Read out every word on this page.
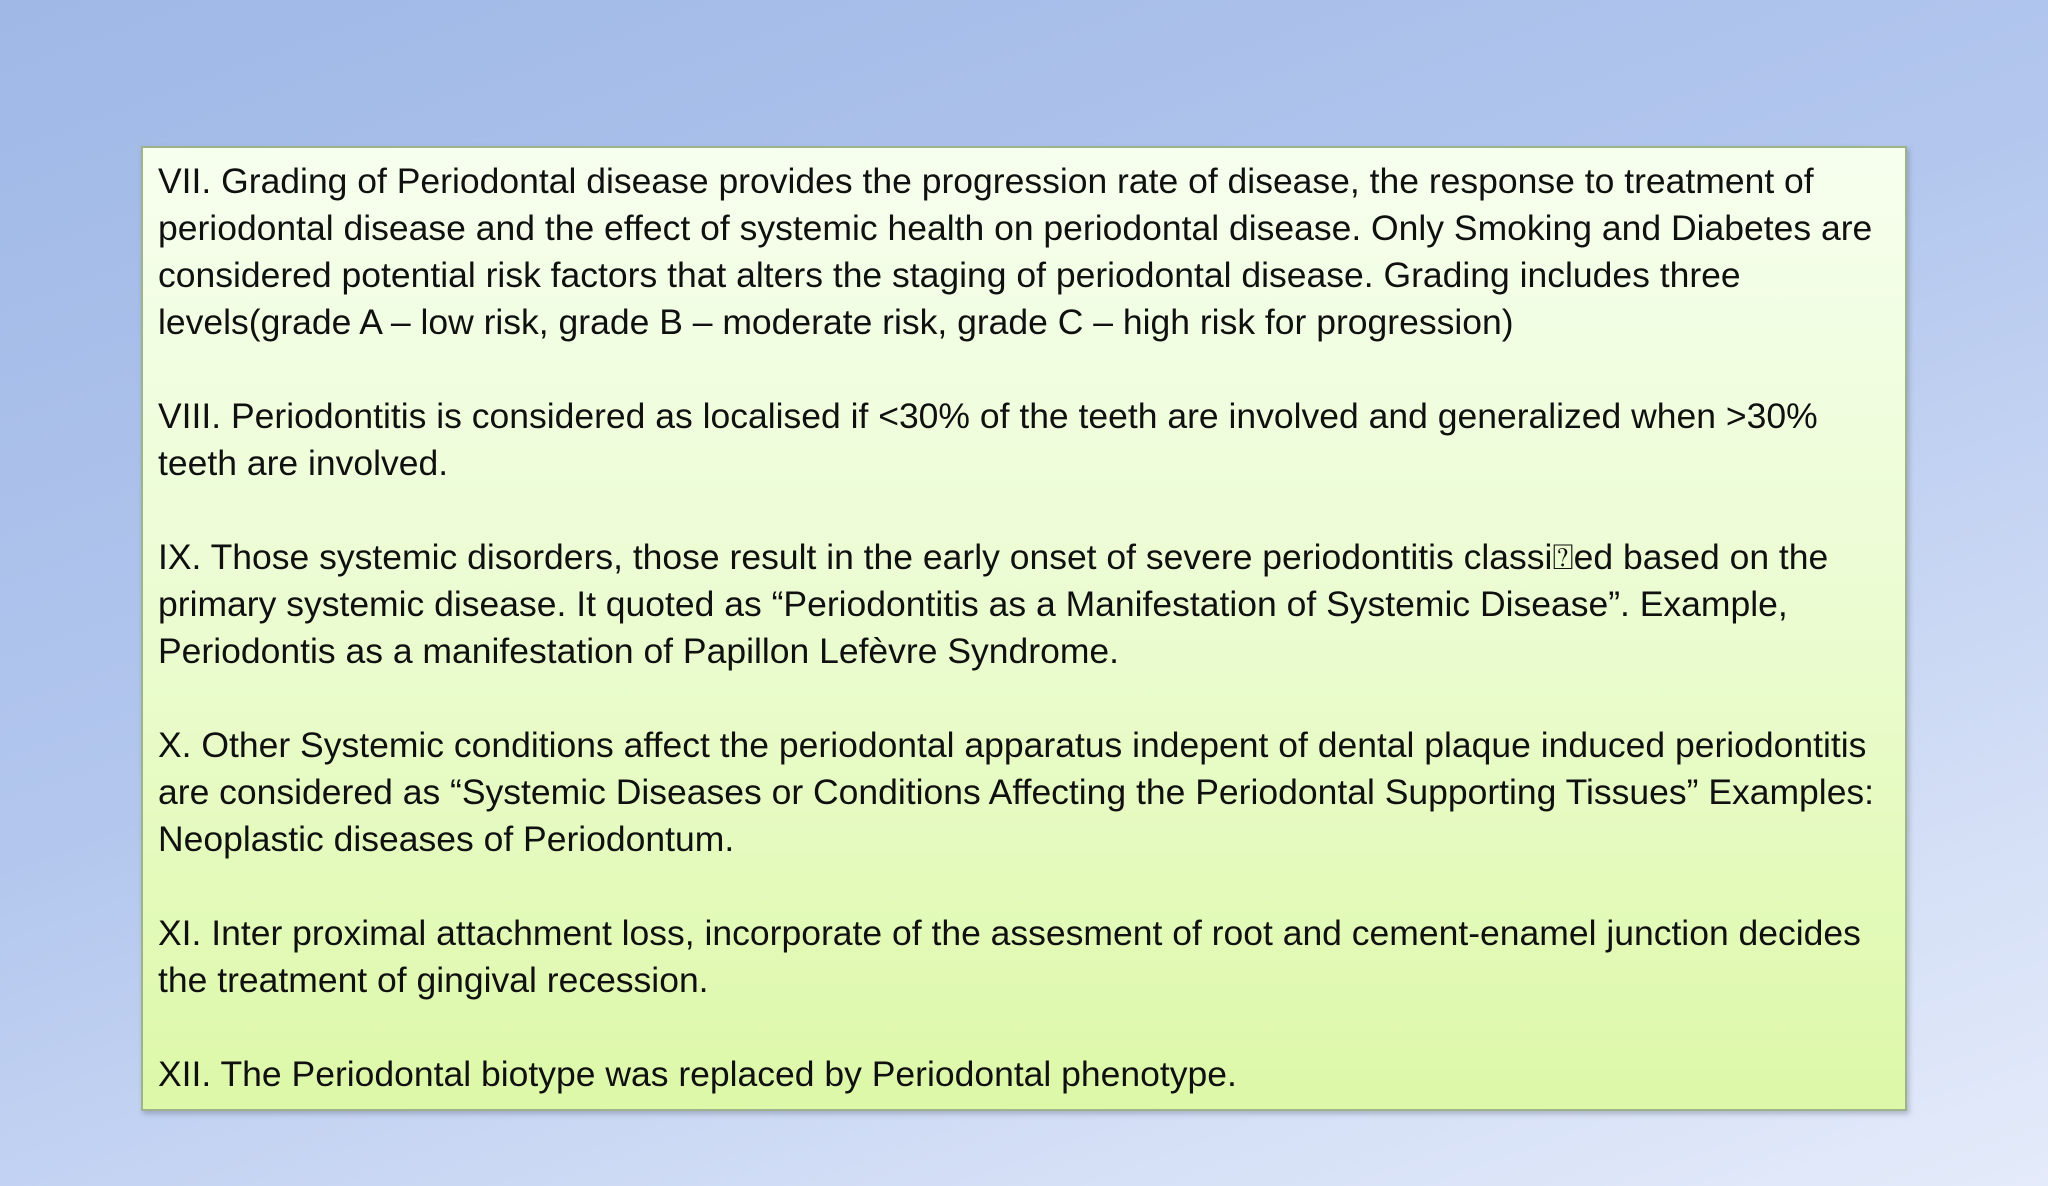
VII. Grading of Periodontal disease provides the progression rate of disease, the response to treatment of periodontal disease and the effect of systemic health on periodontal disease. Only Smoking and Diabetes are considered potential risk factors that alters the staging of periodontal disease. Grading includes three levels(grade A – low risk, grade B – moderate risk, grade C – high risk for progression)

VIII. Periodontitis is considered as localised if <30% of the teeth are involved and generalized when >30% teeth are involved.

IX. Those systemic disorders, those result in the early onset of severe periodontitis classi⍰ed based on the primary systemic disease. It quoted as “Periodontitis as a Manifestation of Systemic Disease”. Example, Periodontis as a manifestation of Papillon Lefèvre Syndrome.

X. Other Systemic conditions affect the periodontal apparatus indepent of dental plaque induced periodontitis are considered as “Systemic Diseases or Conditions Affecting the Periodontal Supporting Tissues” Examples: Neoplastic diseases of Periodontum.

XI. Inter proximal attachment loss, incorporate of the assesment of root and cement-enamel junction decides the treatment of gingival recession.

XII. The Periodontal biotype was replaced by Periodontal phenotype.
